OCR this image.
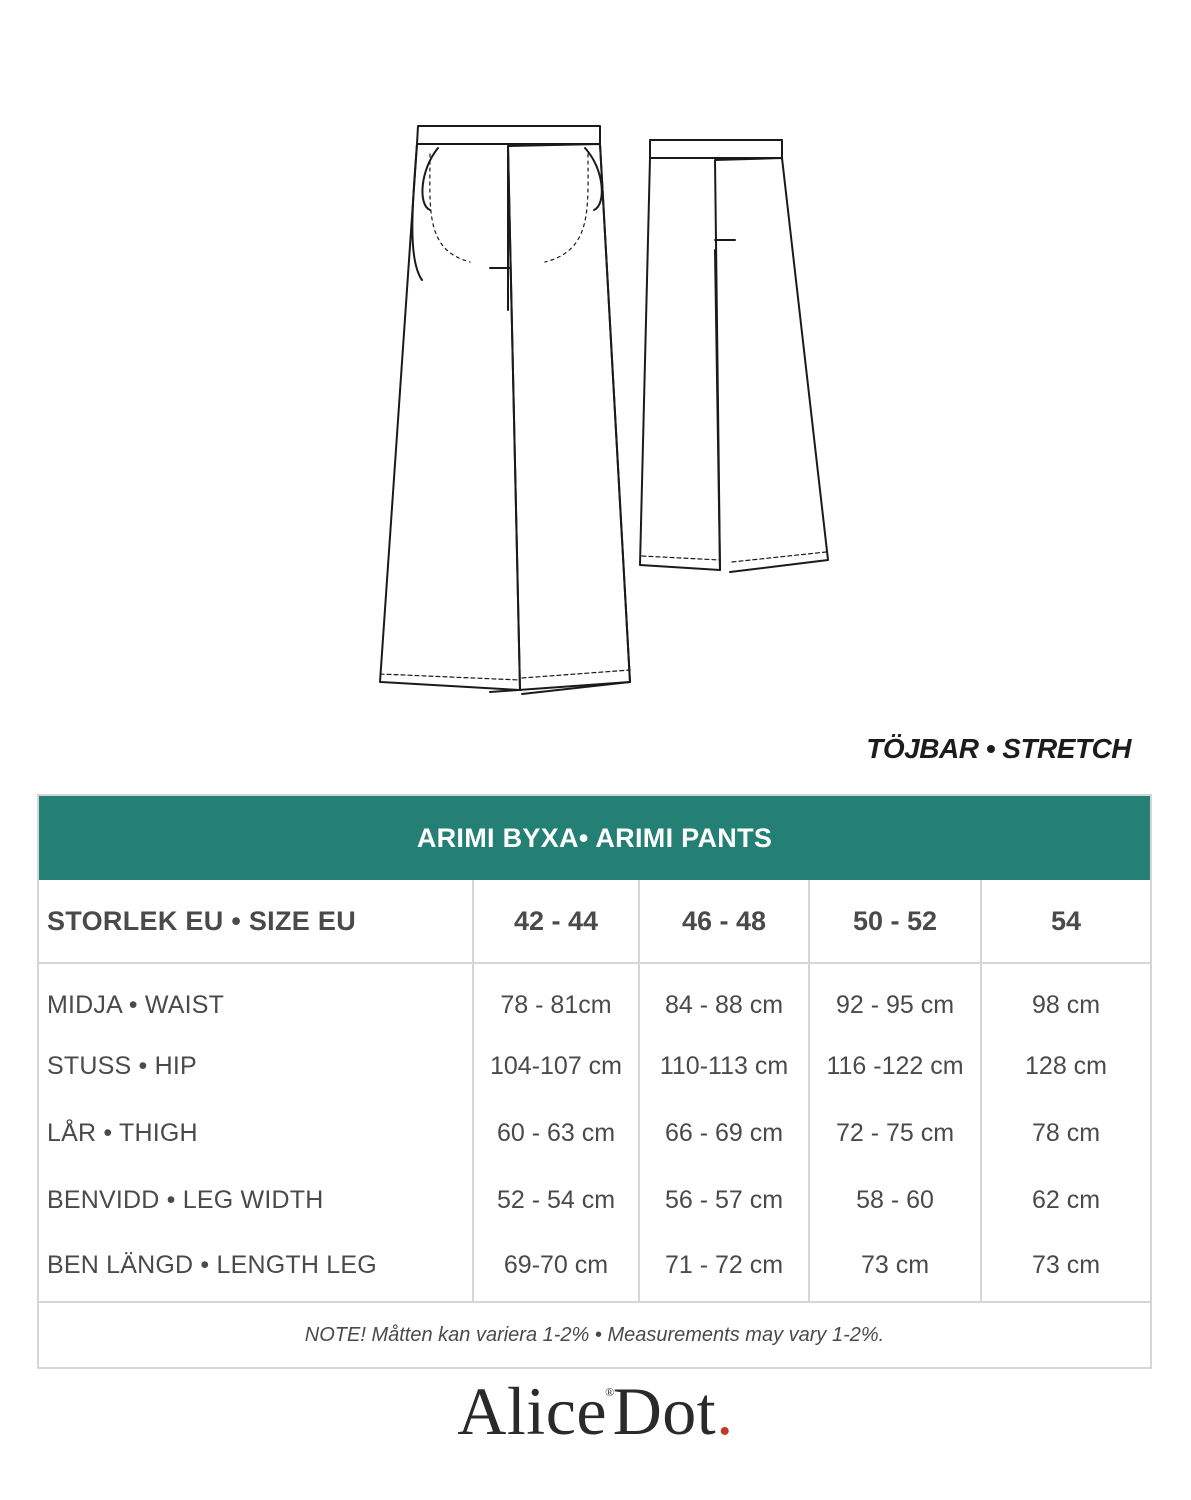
TÖJBAR • STRETCH
ARIMI BYXA• ARIMI PANTS				
STORLEK EU • SIZE EU	42 - 44	46 - 48	50 - 52	54
MIDJA • WAIST	78 - 81cm	84 - 88 cm	92 - 95 cm	98 cm
STUSS • HIP	104-107 cm	110-113 cm	116 -122 cm	128 cm
LÅR • THIGH	60 - 63 cm	66 - 69 cm	72 - 75 cm	78 cm
BENVIDD • LEG WIDTH	52 - 54 cm	56 - 57 cm	58 - 60	62 cm
BEN LÄNGD • LENGTH LEG	69-70 cm	71 - 72 cm	73 cm	73 cm
NOTE! Måtten kan variera 1-2% • Measurements may vary 1-2%.				
Alice®Dot.
